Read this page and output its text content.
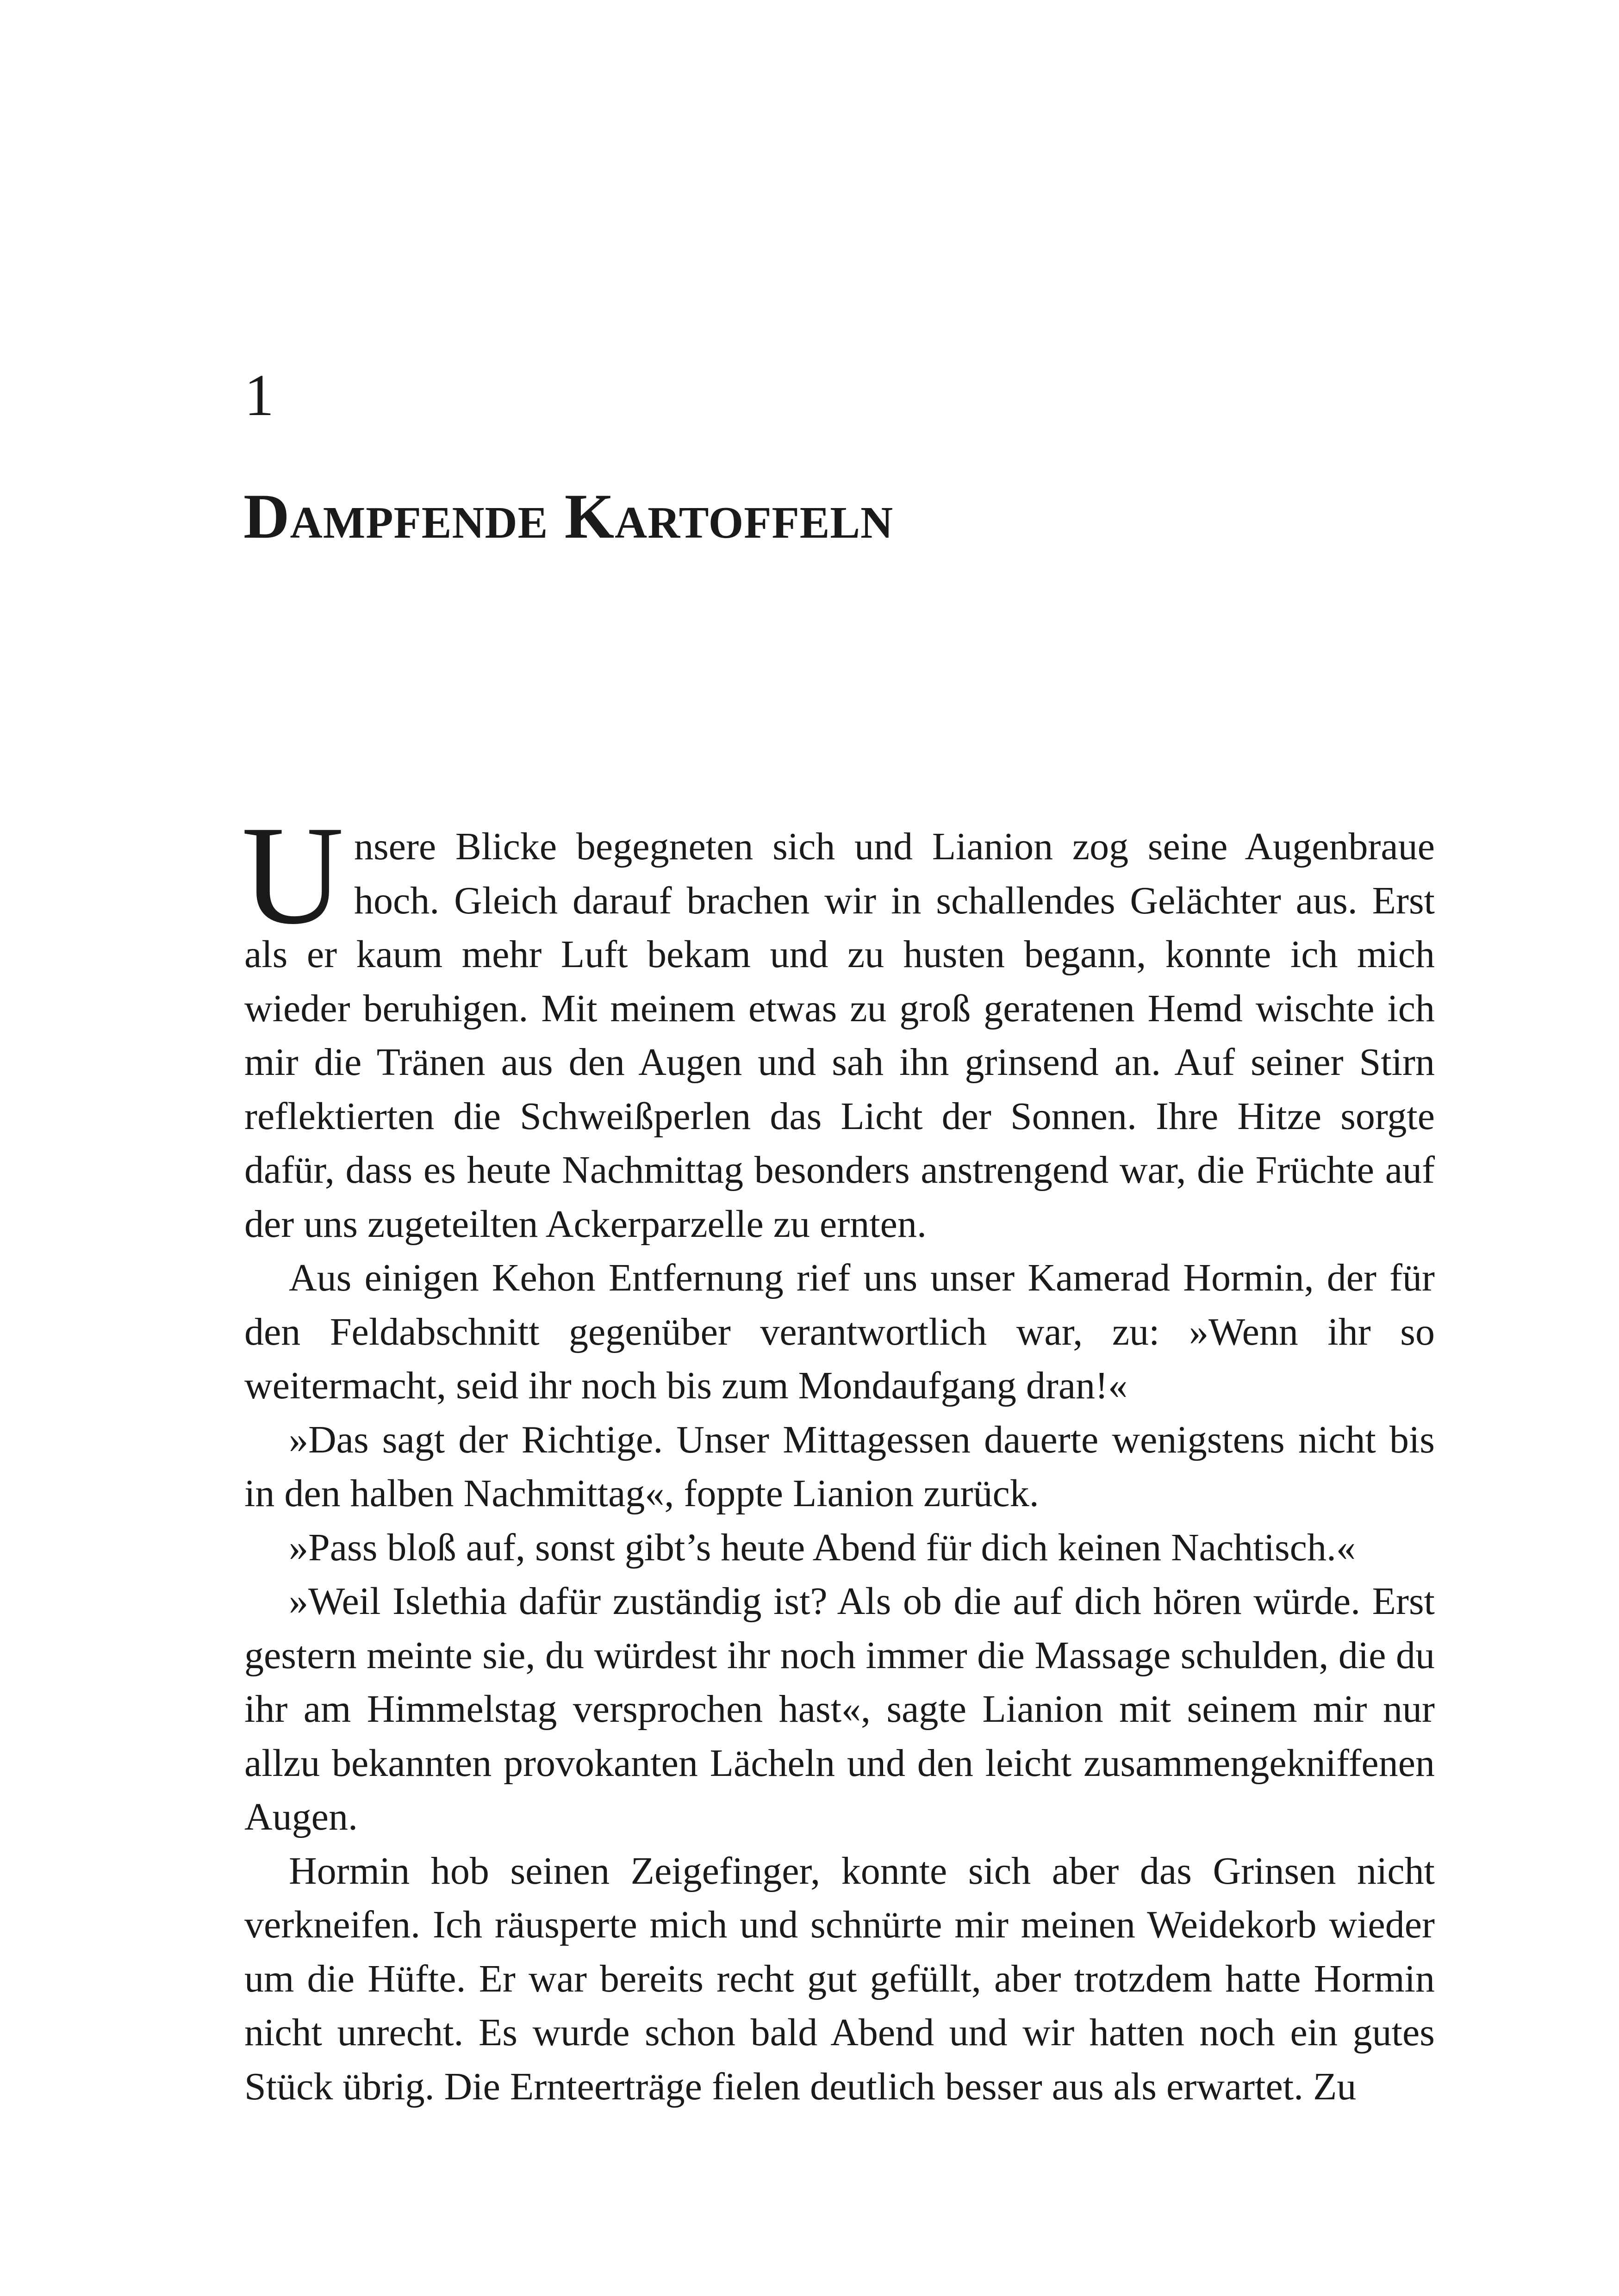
1
Dampfende Kartoffeln

Unsere Blicke begegneten sich und Lianion zog seine Augenbraue hoch. Gleich darauf brachen wir in schallendes Gelächter aus. Erst als er kaum mehr Luft bekam und zu husten begann, konnte ich mich wieder beruhigen. Mit meinem etwas zu groß geratenen Hemd wischte ich mir die Tränen aus den Augen und sah ihn grinsend an. Auf seiner Stirn reflektierten die Schweißperlen das Licht der Sonnen. Ihre Hitze sorgte dafür, dass es heute Nachmittag besonders anstrengend war, die Früchte auf der uns zugeteilten Ackerparzelle zu ernten.

Aus einigen Kehon Entfernung rief uns unser Kamerad Hormin, der für den Feldabschnitt gegenüber verantwortlich war, zu: »Wenn ihr so weitermacht, seid ihr noch bis zum Mondaufgang dran!«

»Das sagt der Richtige. Unser Mittagessen dauerte wenigstens nicht bis in den halben Nachmittag«, foppte Lianion zurück.

»Pass bloß auf, sonst gibt’s heute Abend für dich keinen Nachtisch.«

»Weil Islethia dafür zuständig ist? Als ob die auf dich hören würde. Erst gestern meinte sie, du würdest ihr noch immer die Massage schulden, die du ihr am Himmelstag versprochen hast«, sagte Lianion mit seinem mir nur allzu bekannten provokanten Lächeln und den leicht zusammengekniffenen Augen.

Hormin hob seinen Zeigefinger, konnte sich aber das Grinsen nicht verkneifen. Ich räusperte mich und schnürte mir meinen Weidekorb wieder um die Hüfte. Er war bereits recht gut gefüllt, aber trotzdem hatte Hormin nicht unrecht. Es wurde schon bald Abend und wir hatten noch ein gutes Stück übrig. Die Ernteerträge fielen deutlich besser aus als erwartet. Zu
